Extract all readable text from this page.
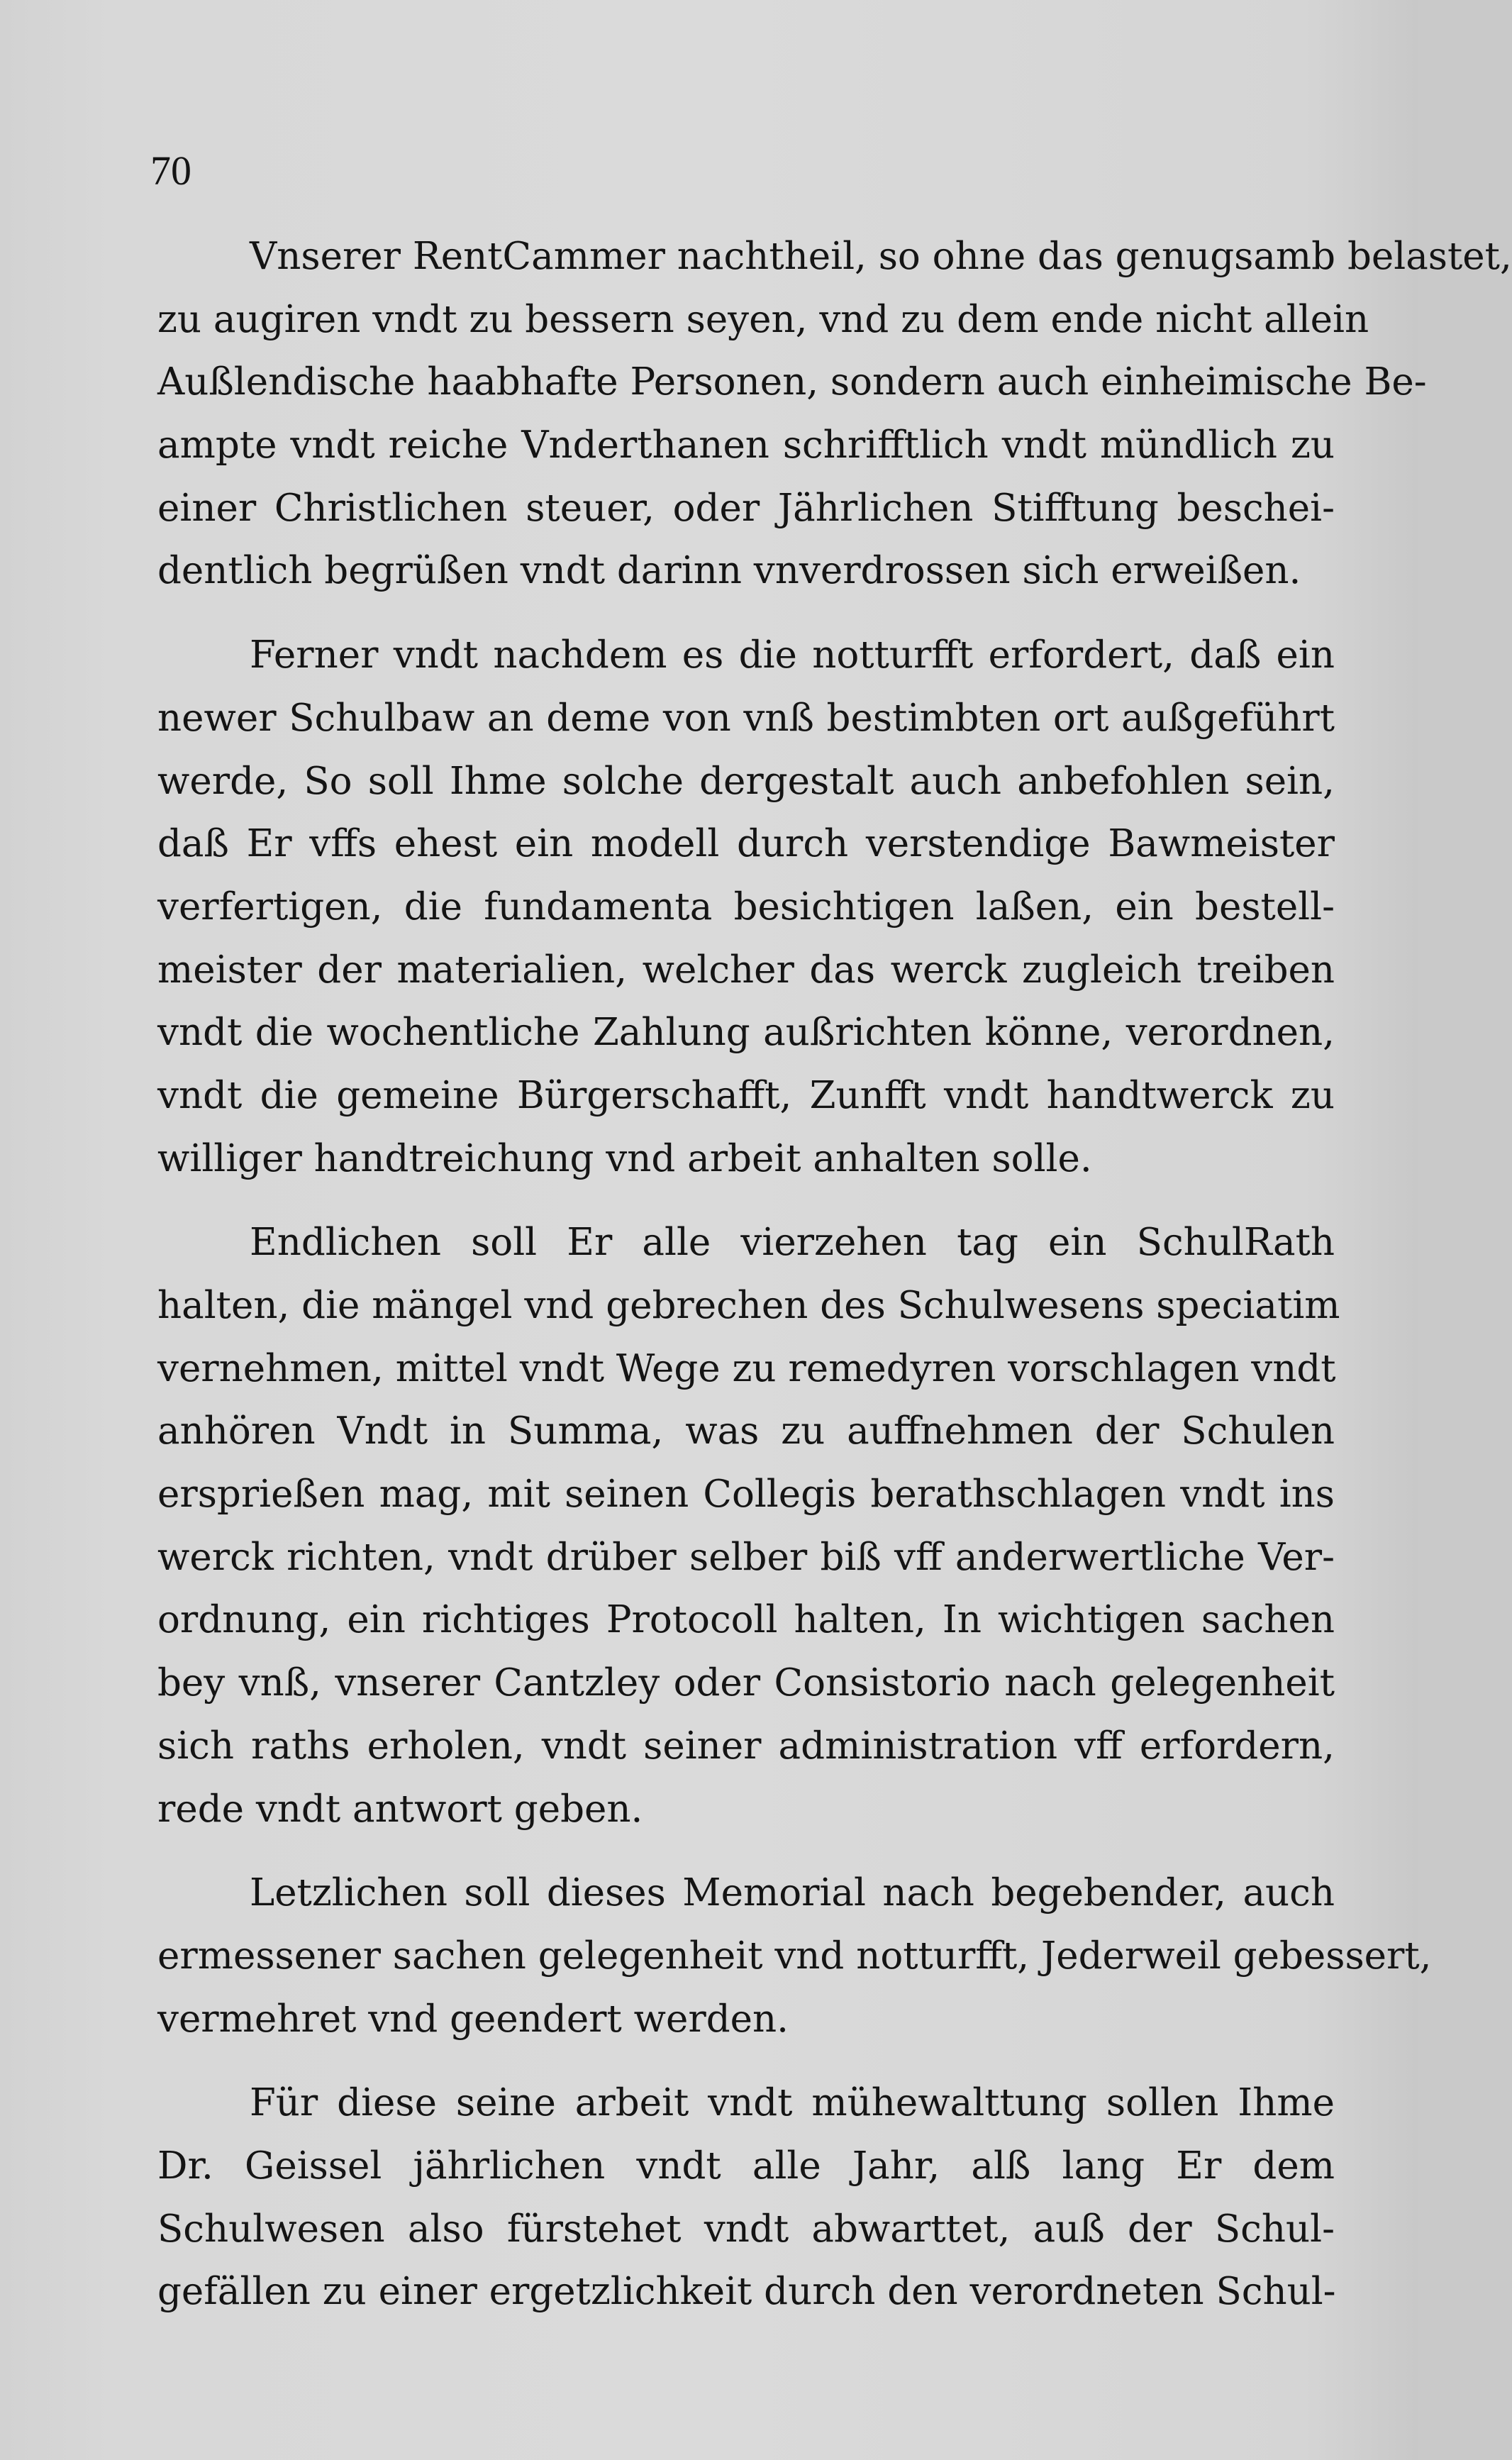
70
Vnserer RentCammer nachtheil, so ohne das genugsamb belastet,
zu augiren vndt zu bessern seyen, vnd zu dem ende nicht allein
Außlendische haabhafte Personen, sondern auch einheimische Be-
ampte vndt reiche Vnderthanen schrifftlich vndt mündlich zu
einer Christlichen steuer, oder Jährlichen Stifftung beschei-
dentlich begrüßen vndt darinn vnverdrossen sich erweißen.
Ferner vndt nachdem es die notturfft erfordert, daß ein
newer Schulbaw an deme von vnß bestimbten ort außgeführt
werde, So soll Ihme solche dergestalt auch anbefohlen sein,
daß Er vffs ehest ein modell durch verstendige Bawmeister
verfertigen, die fundamenta besichtigen laßen, ein bestell-
meister der materialien, welcher das werck zugleich treiben
vndt die wochentliche Zahlung außrichten könne, verordnen,
vndt die gemeine Bürgerschafft, Zunfft vndt handtwerck zu
williger handtreichung vnd arbeit anhalten solle.
Endlichen soll Er alle vierzehen tag ein SchulRath
halten, die mängel vnd gebrechen des Schulwesens speciatim
vernehmen, mittel vndt Wege zu remedyren vorschlagen vndt
anhören Vndt in Summa, was zu auffnehmen der Schulen
ersprießen mag, mit seinen Collegis berathschlagen vndt ins
werck richten, vndt drüber selber biß vff anderwertliche Ver-
ordnung, ein richtiges Protocoll halten, In wichtigen sachen
bey vnß, vnserer Cantzley oder Consistorio nach gelegenheit
sich raths erholen, vndt seiner administration vff erfordern,
rede vndt antwort geben.
Letzlichen soll dieses Memorial nach begebender, auch
ermessener sachen gelegenheit vnd notturfft, Jederweil gebessert,
vermehret vnd geendert werden.
Für diese seine arbeit vndt mühewalttung sollen Ihme
Dr. Geissel jährlichen vndt alle Jahr, alß lang Er dem
Schulwesen also fürstehet vndt abwarttet, auß der Schul-
gefällen zu einer ergetzlichkeit durch den verordneten Schul-
